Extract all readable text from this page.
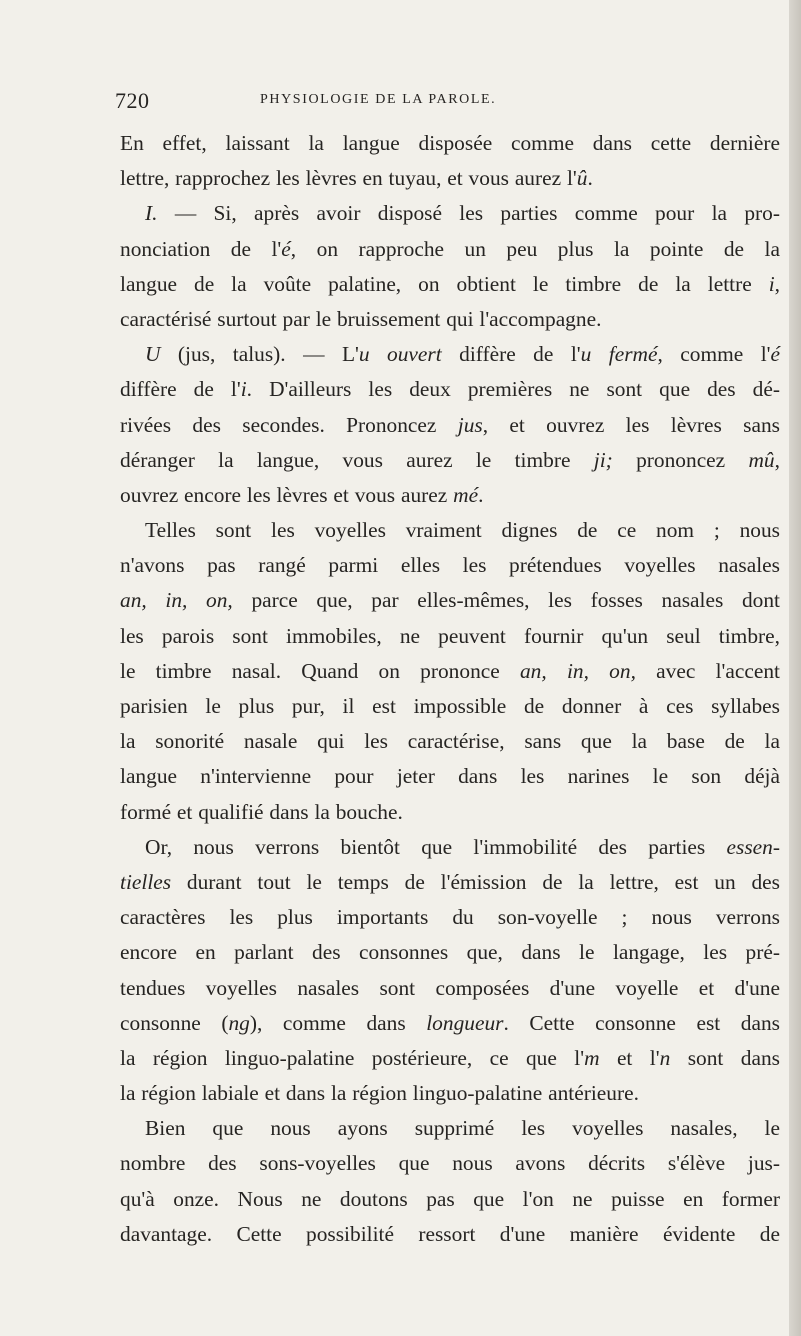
720	PHYSIOLOGIE DE LA PAROLE.
En effet, laissant la langue disposée comme dans cette dernière
lettre, rapprochez les lèvres en tuyau, et vous aurez l'û.
I. — Si, après avoir disposé les parties comme pour la pro-
nonciation de l'é, on rapproche un peu plus la pointe de la
langue de la voûte palatine, on obtient le timbre de la lettre i,
caractérisé surtout par le bruissement qui l'accompagne.
U (jus, talus). — L'u ouvert diffère de l'u fermé, comme l'é
diffère de l'i. D'ailleurs les deux premières ne sont que des dé-
rivées des secondes. Prononcez jus, et ouvrez les lèvres sans
déranger la langue, vous aurez le timbre ji; prononcez mû,
ouvrez encore les lèvres et vous aurez mé.
Telles sont les voyelles vraiment dignes de ce nom ; nous
n'avons pas rangé parmi elles les prétendues voyelles nasales
an, in, on, parce que, par elles-mêmes, les fosses nasales dont
les parois sont immobiles, ne peuvent fournir qu'un seul timbre,
le timbre nasal. Quand on prononce an, in, on, avec l'accent
parisien le plus pur, il est impossible de donner à ces syllabes
la sonorité nasale qui les caractérise, sans que la base de la
langue n'intervienne pour jeter dans les narines le son déjà
formé et qualifié dans la bouche.
Or, nous verrons bientôt que l'immobilité des parties essen-
tielles durant tout le temps de l'émission de la lettre, est un des
caractères les plus importants du son-voyelle ; nous verrons
encore en parlant des consonnes que, dans le langage, les pré-
tendues voyelles nasales sont composées d'une voyelle et d'une
consonne (ng), comme dans longueur. Cette consonne est dans
la région linguo-palatine postérieure, ce que l'm et l'n sont dans
la région labiale et dans la région linguo-palatine antérieure.
Bien que nous ayons supprimé les voyelles nasales, le
nombre des sons-voyelles que nous avons décrits s'élève jus-
qu'à onze. Nous ne doutons pas que l'on ne puisse en former
davantage. Cette possibilité ressort d'une manière évidente de
